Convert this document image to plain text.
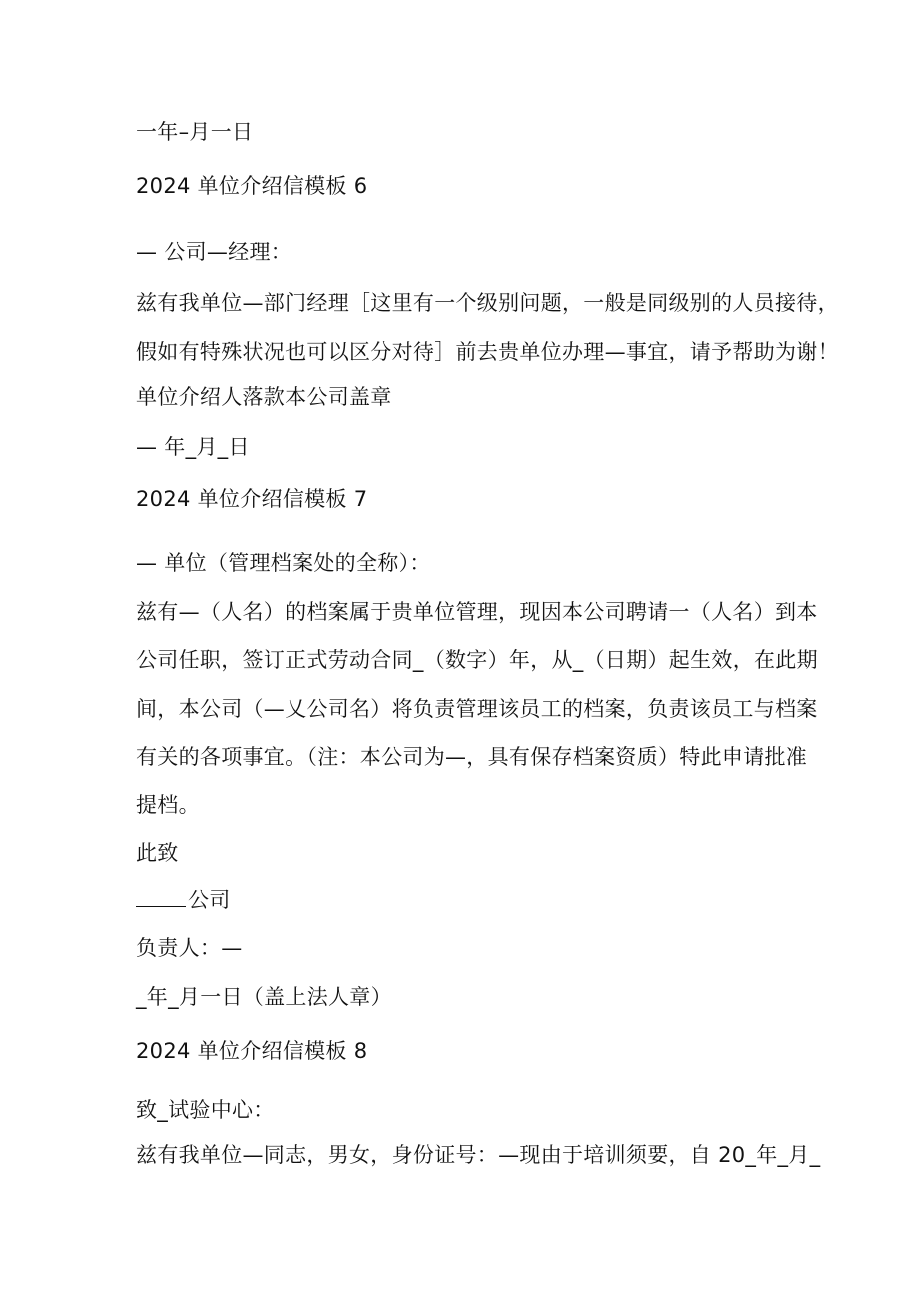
一年–月一日
2024 单位介绍信模板 6
— 公司—经理：
兹有我单位—部门经理［这里有一个级别问题，一般是同级别的人员接待，
假如有特殊状况也可以区分对待］前去贵单位办理—事宜，请予帮助为谢！
单位介绍人落款本公司盖章
— 年_月_日
2024 单位介绍信模板 7
— 单位（管理档案处的全称）：
兹有—（人名）的档案属于贵单位管理，现因本公司聘请一（人名）到本
公司任职，签订正式劳动合同_（数字）年，从_（日期）起生效，在此期
间，本公司（—乂公司名）将负责管理该员工的档案，负责该员工与档案
有关的各项事宜。（注：本公司为—，具有保存档案资质）特此申请批准
提档。
此致
公司
负责人：—
_年_月一日（盖上法人章）
2024 单位介绍信模板 8
致_试验中心：
兹有我单位—同志，男女，身份证号：—现由于培训须要，自 20_年_月_
